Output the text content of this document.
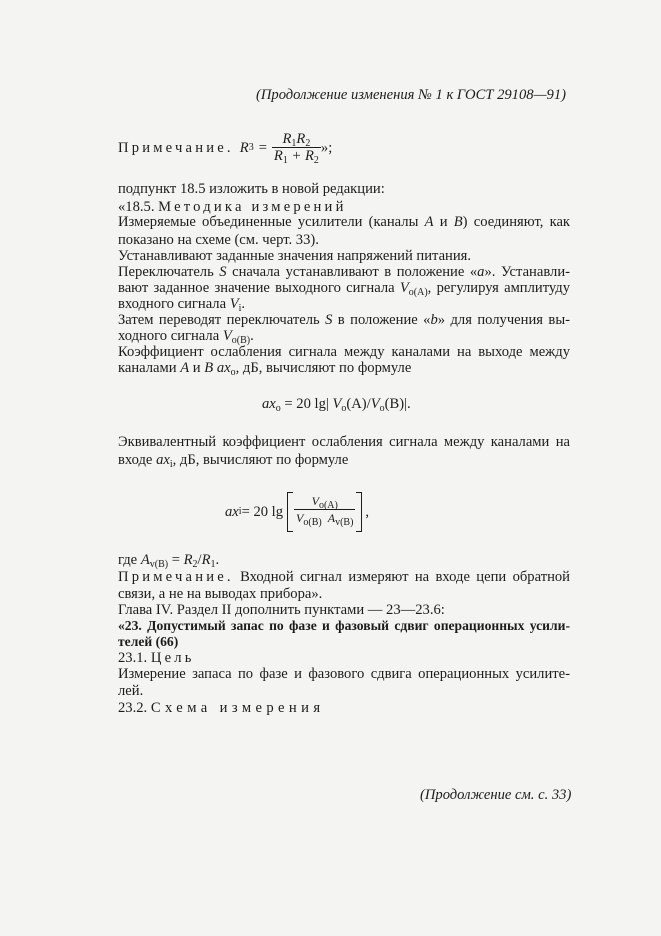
(Продолжение изменения № 1 к ГОСТ 29108—91)
Примечание. R $3 = \frac{R_1R_2}{R_1 + R_2}$ »;
подпункт 18.5 изложить в новой редакции:
«18.5. Методика измерений
Измеряемые объединенные усилители (каналы А и В) соединяют, как
показано на схеме (см. черт. 33).
Устанавливают заданные значения напряжений питания.
Переключатель S сначала устанавливают в положение «а». Устанавли-
вают заданное значение выходного сигнала $V_{o(A)}$, регулируя амплитуду
входного сигнала $V_i$.
Затем переводят переключатель S в положение «b» для получения вы-
ходного сигнала $V_{o(B)}$.
Коэффициент ослабления сигнала между каналами на выходе между
каналами А и В $ax_o$, дБ, вычисляют по формуле
$ax_o = 20$ lg| $V_o(A)/V_o(B)|$.
Эквивалентный коэффициент ослабления сигнала между каналами на
входе $ax_i$, дБ, вычисляют по формуле
ax i = 20 $\lg \frac{V_{o(A)}}{V_{o(B)} A_{v(B)}}$ ,
где $A_{v(B)} = R_2/R_1$.
Примечание. Входной сигнал измеряют на входе цепи обратной
связи, а не на выводах прибора».
Глава IV. Раздел II дополнить пунктами — 23—23.6:
«23. Допустимый запас по фазе и фазовый сдвиг операционных усили-
телей (66)
23.1. Цель
Измерение запаса по фазе и фазового сдвига операционных усилите-
лей.
23.2. Схема измерения
(Продолжение см. с. 33)
